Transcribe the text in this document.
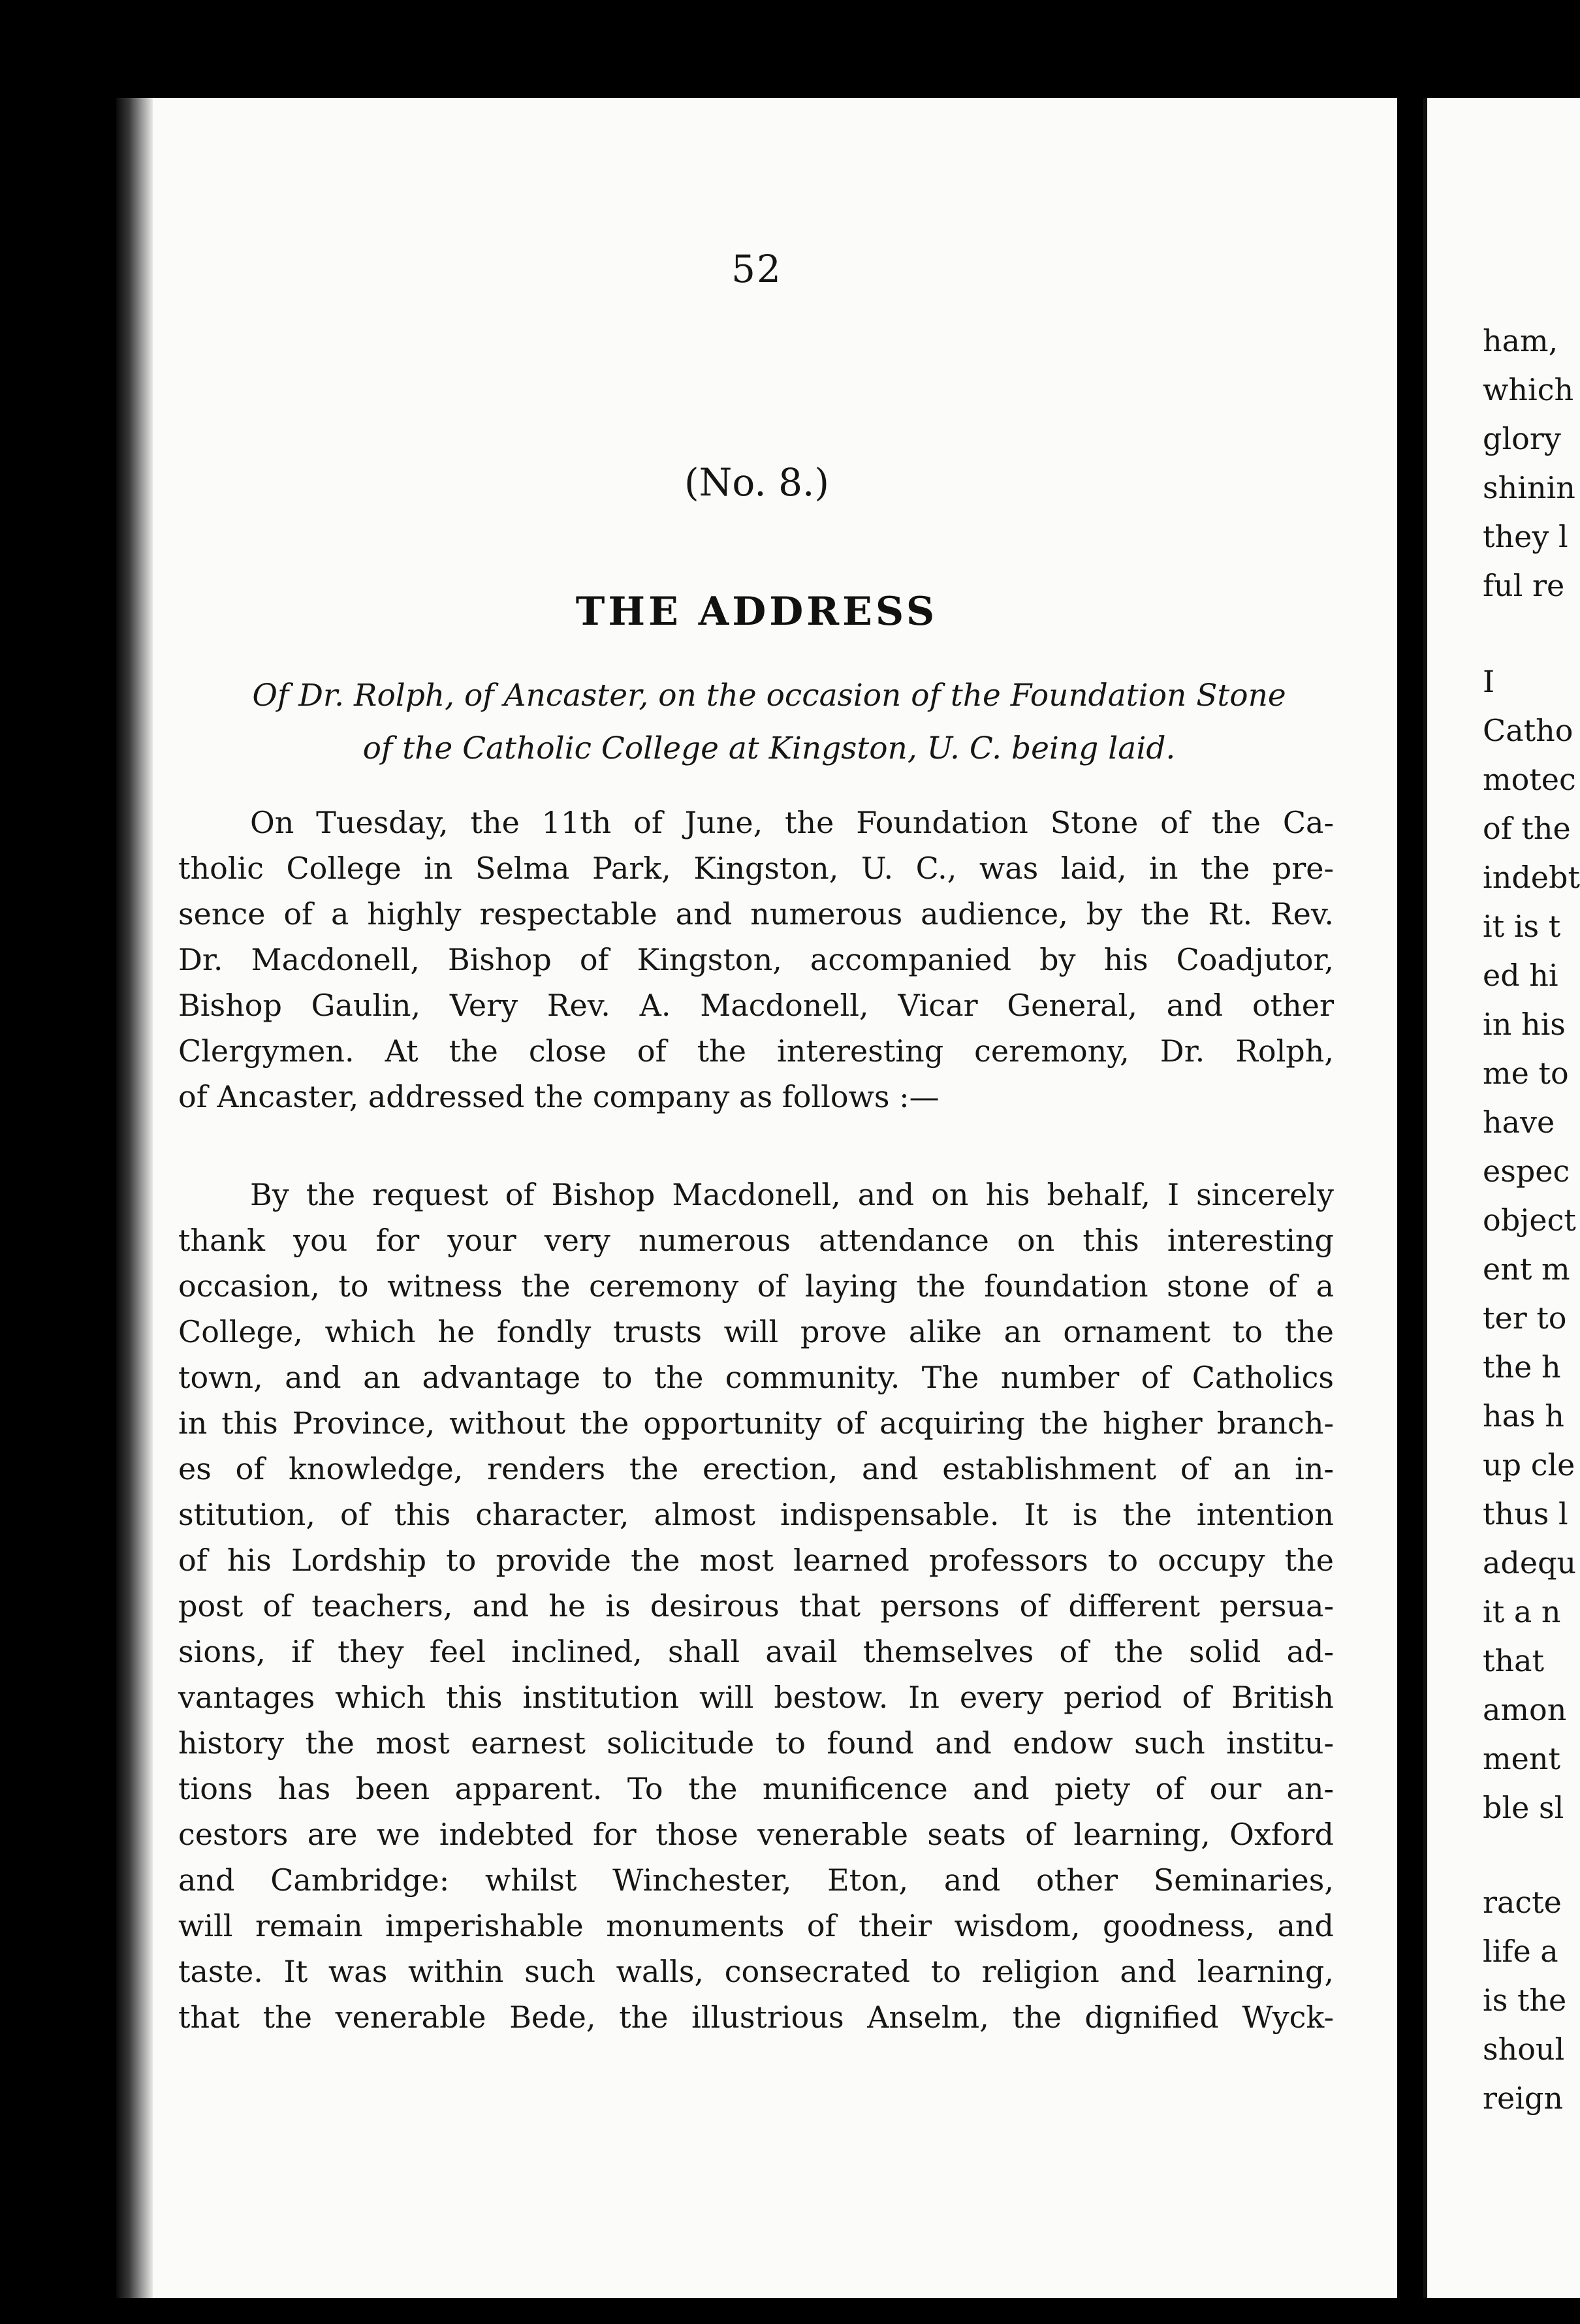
52
(No. 8.)
THE ADDRESS
Of Dr. Rolph, of Ancaster, on the occasion of the Foundation Stone
of the Catholic College at Kingston, U. C. being laid.
On Tuesday, the 11th of June, the Foundation Stone of the Ca-
tholic College in Selma Park, Kingston, U. C., was laid, in the pre-
sence of a highly respectable and numerous audience, by the Rt. Rev.
Dr. Macdonell, Bishop of Kingston, accompanied by his Coadjutor,
Bishop Gaulin, Very Rev. A. Macdonell, Vicar General, and other
Clergymen. At the close of the interesting ceremony, Dr. Rolph,
of Ancaster, addressed the company as follows :—
By the request of Bishop Macdonell, and on his behalf, I sincerely
thank you for your very numerous attendance on this interesting
occasion, to witness the ceremony of laying the foundation stone of a
College, which he fondly trusts will prove alike an ornament to the
town, and an advantage to the community. The number of Catholics
in this Province, without the opportunity of acquiring the higher branch-
es of knowledge, renders the erection, and establishment of an in-
stitution, of this character, almost indispensable. It is the intention
of his Lordship to provide the most learned professors to occupy the
post of teachers, and he is desirous that persons of different persua-
sions, if they feel inclined, shall avail themselves of the solid ad-
vantages which this institution will bestow. In every period of British
history the most earnest solicitude to found and endow such institu-
tions has been apparent. To the munificence and piety of our an-
cestors are we indebted for those venerable seats of learning, Oxford
and Cambridge: whilst Winchester, Eton, and other Seminaries,
will remain imperishable monuments of their wisdom, goodness, and
taste. It was within such walls, consecrated to religion and learning,
that the venerable Bede, the illustrious Anselm, the dignified Wyck-
ham,
which
glory
shinin
they l
ful re
I
Catho
motec
of the
indebt
it is t
ed hi
in his
me to
have
espec
object
ent m
ter to
the h
has h
up cle
thus l
adequ
it a n
that
amon
ment
ble sl
racte
life a
is the
shoul
reign
